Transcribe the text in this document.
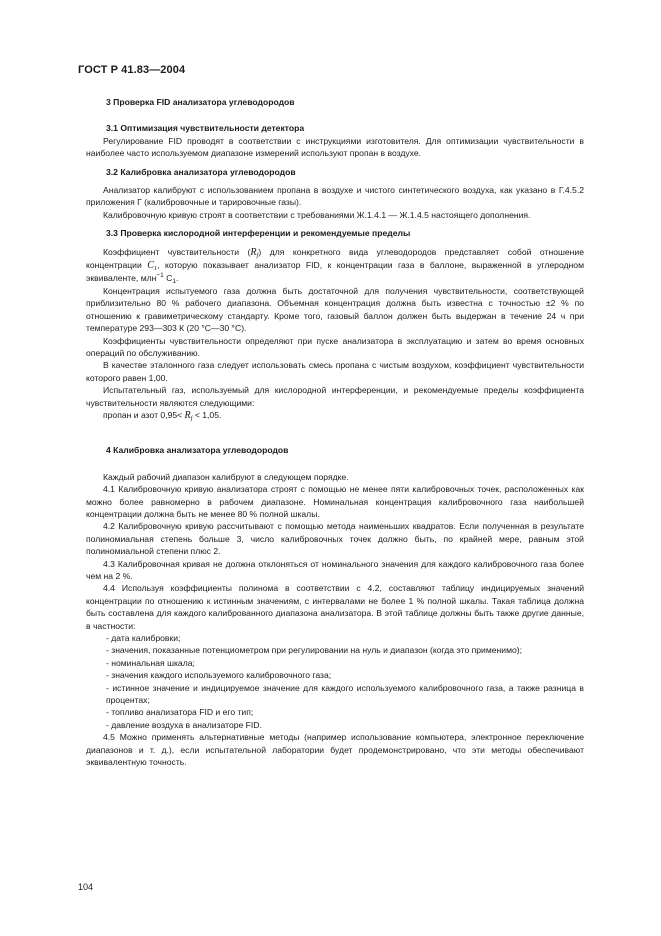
ГОСТ Р 41.83—2004

3 Проверка FID анализатора углеводородов

3.1 Оптимизация чувствительности детектора

Регулирование FID проводят в соответствии с инструкциями изготовителя. Для оптимизации чувствительности в наиболее часто используемом диапазоне измерений используют пропан в воздухе.

3.2 Калибровка анализатора углеводородов

Анализатор калибруют с использованием пропана в воздухе и чистого синтетического воздуха, как указано в Г.4.5.2 приложения Г (калибровочные и тарировочные газы).

Калибровочную кривую строят в соответствии с требованиями Ж.1.4.1 — Ж.1.4.5 настоящего дополнения.

3.3 Проверка кислородной интерференции и рекомендуемые пределы

Коэффициент чувствительности $(R_f)$ для конкретного вида углеводородов представляет собой отношение концентрации $C_1$, которую показывает анализатор FID, к концентрации газа в баллоне, выраженной в углеродном эквиваленте, млн$^{-1}$ $C_1$.

Концентрация испытуемого газа должна быть достаточной для получения чувствительности, соответствующей приблизительно 80 % рабочего диапазона. Объемная концентрация должна быть известна с точностью ±2 % по отношению к гравиметрическому стандарту. Кроме того, газовый баллон должен быть выдержан в течение 24 ч при температуре 293—303 К (20 °С—30 °С).

Коэффициенты чувствительности определяют при пуске анализатора в эксплуатацию и затем во время основных операций по обслуживанию.

В качестве эталонного газа следует использовать смесь пропана с чистым воздухом, коэффициент чувствительности которого равен 1,00.

Испытательный газ, используемый для кислородной интерференции, и рекомендуемые пределы коэффициента чувствительности являются следующими:

пропан и азот $0,95< R_f < 1,05$.

4 Калибровка анализатора углеводородов

Каждый рабочий диапазон калибруют в следующем порядке.

4.1 Калибровочную кривую анализатора строят с помощью не менее пяти калибровочных точек, расположенных как можно более равномерно в рабочем диапазоне. Номинальная концентрация калибровочного газа наибольшей концентрации должна быть не менее 80 % полной шкалы.

4.2 Калибровочную кривую рассчитывают с помощью метода наименьших квадратов. Если полученная в результате полиномиальная степень больше 3, число калибровочных точек должно быть, по крайней мере, равным этой полиномиальной степени плюс 2.

4.3 Калибровочная кривая не должна отклоняться от номинального значения для каждого калибровочного газа более чем на 2 %.

4.4 Используя коэффициенты полинома в соответствии с 4.2, составляют таблицу индицируемых значений концентрации по отношению к истинным значениям, с интервалами не более 1 % полной шкалы. Такая таблица должна быть составлена для каждого калиброванного диапазона анализатора. В этой таблице должны быть также другие данные, в частности:

- дата калибровки;

- значения, показанные потенциометром при регулировании на нуль и диапазон (когда это применимо);

- номинальная шкала;

- значения каждого используемого калибровочного газа;

- истинное значение и индицируемое значение для каждого используемого калибровочного газа, а также разница в процентах;

- топливо анализатора FID и его тип;

- давление воздуха в анализаторе FID.

4.5 Можно применять альтернативные методы (например использование компьютера, электронное переключение диапазонов и т. д.), если испытательной лаборатории будет продемонстрировано, что эти методы обеспечивают эквивалентную точность.

104
